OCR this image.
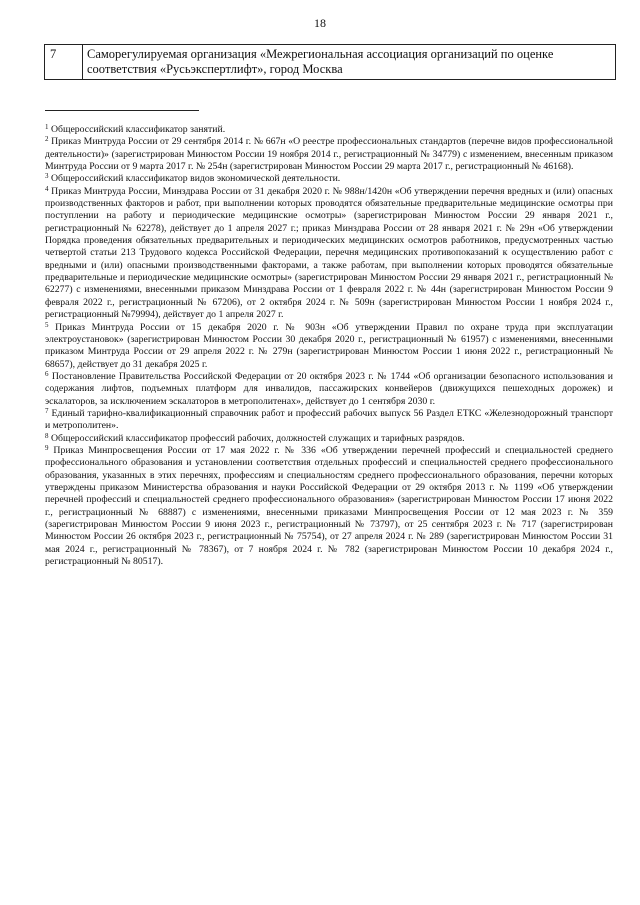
18
7	Саморегулируемая организация «Межрегиональная ассоциация организаций по оценке соответствия «Русьэкспертлифт», город Москва

$^1$ Общероссийский классификатор занятий.

$^2$ Приказ Минтруда России от 29 сентября 2014 г. № 667н «О реестре профессиональных стандартов (перечне видов профессиональной деятельности)» (зарегистрирован Минюстом России 19 ноября 2014 г., регистрационный № 34779) с изменением, внесенным приказом Минтруда России от 9 марта 2017 г. № 254н (зарегистрирован Минюстом России 29 марта 2017 г., регистрационный № 46168).

$^3$ Общероссийский классификатор видов экономической деятельности.

$^4$ Приказ Минтруда России, Минздрава России от 31 декабря 2020 г. № 988н/1420н «Об утверждении перечня вредных и (или) опасных производственных факторов и работ, при выполнении которых проводятся обязательные предварительные медицинские осмотры при поступлении на работу и периодические медицинские осмотры» (зарегистрирован Минюстом России 29 января 2021 г., регистрационный № 62278), действует до 1 апреля 2027 г.; приказ Минздрава России от 28 января 2021 г. № 29н «Об утверждении Порядка проведения обязательных предварительных и периодических медицинских осмотров работников, предусмотренных частью четвертой статьи 213 Трудового кодекса Российской Федерации, перечня медицинских противопоказаний к осуществлению работ с вредными и (или) опасными производственными факторами, а также работам, при выполнении которых проводятся обязательные предварительные и периодические медицинские осмотры» (зарегистрирован Минюстом России 29 января 2021 г., регистрационный № 62277) с изменениями, внесенными приказом Минздрава России от 1 февраля 2022 г. № 44н (зарегистрирован Минюстом России 9 февраля 2022 г., регистрационный № 67206), от 2 октября 2024 г. № 509н (зарегистрирован Минюстом России 1 ноября 2024 г., регистрационный №79994), действует до 1 апреля 2027 г.

$^5$ Приказ Минтруда России от 15 декабря 2020 г. № 903н «Об утверждении Правил по охране труда при эксплуатации электроустановок» (зарегистрирован Минюстом России 30 декабря 2020 г., регистрационный № 61957) с изменениями, внесенными приказом Минтруда России от 29 апреля 2022 г. № 279н (зарегистрирован Минюстом России 1 июня 2022 г., регистрационный № 68657), действует до 31 декабря 2025 г.

$^6$ Постановление Правительства Российской Федерации от 20 октября 2023 г. № 1744 «Об организации безопасного использования и содержания лифтов, подъемных платформ для инвалидов, пассажирских конвейеров (движущихся пешеходных дорожек) и эскалаторов, за исключением эскалаторов в метрополитенах», действует до 1 сентября 2030 г.

$^7$ Единый тарифно-квалификационный справочник работ и профессий рабочих выпуск 56 Раздел ЕТКС «Железнодорожный транспорт и метрополитен».

$^8$ Общероссийский классификатор профессий рабочих, должностей служащих и тарифных разрядов.

$^9$ Приказ Минпросвещения России от 17 мая 2022 г. № 336 «Об утверждении перечней профессий и специальностей среднего профессионального образования и установлении соответствия отдельных профессий и специальностей среднего профессионального образования, указанных в этих перечнях, профессиям и специальностям среднего профессионального образования, перечни которых утверждены приказом Министерства образования и науки Российской Федерации от 29 октября 2013 г. № 1199 «Об утверждении перечней профессий и специальностей среднего профессионального образования» (зарегистрирован Минюстом России 17 июня 2022 г., регистрационный № 68887) с изменениями, внесенными приказами Минпросвещения России от 12 мая 2023 г. № 359 (зарегистрирован Минюстом России 9 июня 2023 г., регистрационный № 73797), от 25 сентября 2023 г. № 717 (зарегистрирован Минюстом России 26 октября 2023 г., регистрационный № 75754), от 27 апреля 2024 г. № 289 (зарегистрирован Минюстом России 31 мая 2024 г., регистрационный № 78367), от 7 ноября 2024 г. № 782 (зарегистрирован Минюстом России 10 декабря 2024 г., регистрационный № 80517).
